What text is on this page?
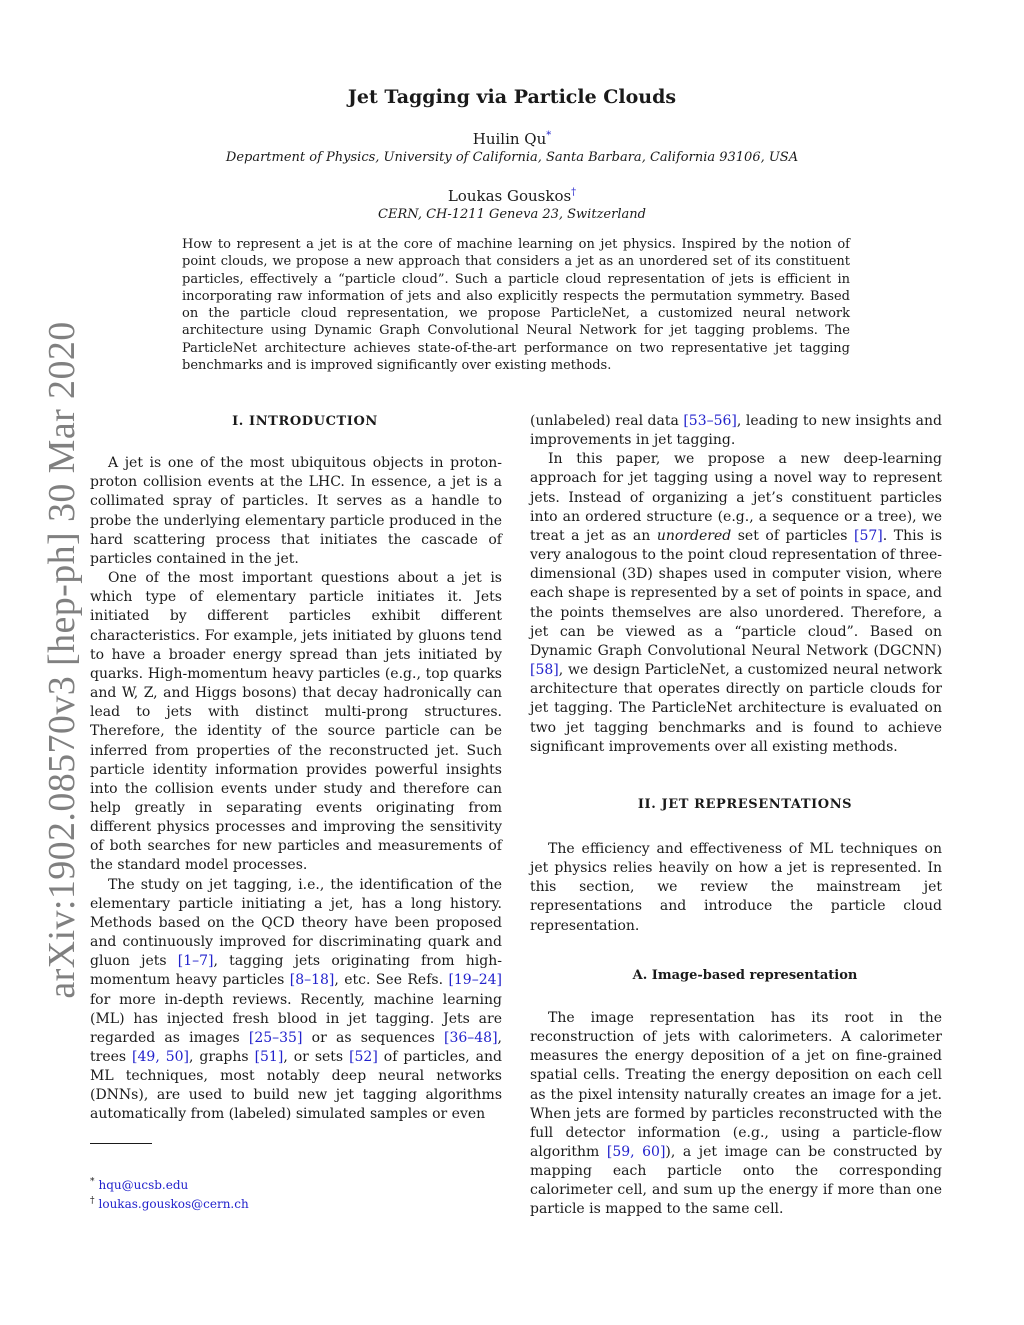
arXiv:1902.08570v3 [hep-ph] 30 Mar 2020
Jet Tagging via Particle Clouds
Huilin Qu*
Department of Physics, University of California, Santa Barbara, California 93106, USA
Loukas Gouskos†
CERN, CH-1211 Geneva 23, Switzerland

How to represent a jet is at the core of machine learning on jet physics. Inspired by the notion of point clouds, we propose a new approach that considers a jet as an unordered set of its constituent particles, effectively a “particle cloud”. Such a particle cloud representation of jets is efficient in incorporating raw information of jets and also explicitly respects the permutation symmetry. Based on the particle cloud representation, we propose ParticleNet, a customized neural network architecture using Dynamic Graph Convolutional Neural Network for jet tagging problems. The ParticleNet architecture achieves state-of-the-art performance on two representative jet tagging benchmarks and is improved significantly over existing methods.

I. INTRODUCTION

A jet is one of the most ubiquitous objects in proton-proton collision events at the LHC. In essence, a jet is a collimated spray of particles. It serves as a handle to probe the underlying elementary particle produced in the hard scattering process that initiates the cascade of particles contained in the jet.

One of the most important questions about a jet is which type of elementary particle initiates it. Jets initiated by different particles exhibit different characteristics. For example, jets initiated by gluons tend to have a broader energy spread than jets initiated by quarks. High-momentum heavy particles (e.g., top quarks and W, Z, and Higgs bosons) that decay hadronically can lead to jets with distinct multi-prong structures. Therefore, the identity of the source particle can be inferred from properties of the reconstructed jet. Such particle identity information provides powerful insights into the collision events under study and therefore can help greatly in separating events originating from different physics processes and improving the sensitivity of both searches for new particles and measurements of the standard model processes.

The study on jet tagging, i.e., the identification of the elementary particle initiating a jet, has a long history. Methods based on the QCD theory have been proposed and continuously improved for discriminating quark and gluon jets [1–7], tagging jets originating from high-momentum heavy particles [8–18], etc. See Refs. [19–24] for more in-depth reviews. Recently, machine learning (ML) has injected fresh blood in jet tagging. Jets are regarded as images [25–35] or as sequences [36–48], trees [49, 50], graphs [51], or sets [52] of particles, and ML techniques, most notably deep neural networks (DNNs), are used to build new jet tagging algorithms automatically from (labeled) simulated samples or even

(unlabeled) real data [53–56], leading to new insights and improvements in jet tagging.

In this paper, we propose a new deep-learning approach for jet tagging using a novel way to represent jets. Instead of organizing a jet’s constituent particles into an ordered structure (e.g., a sequence or a tree), we treat a jet as an unordered set of particles [57]. This is very analogous to the point cloud representation of three-dimensional (3D) shapes used in computer vision, where each shape is represented by a set of points in space, and the points themselves are also unordered. Therefore, a jet can be viewed as a “particle cloud”. Based on Dynamic Graph Convolutional Neural Network (DGCNN) [58], we design ParticleNet, a customized neural network architecture that operates directly on particle clouds for jet tagging. The ParticleNet architecture is evaluated on two jet tagging benchmarks and is found to achieve significant improvements over all existing methods.

II. JET REPRESENTATIONS

The efficiency and effectiveness of ML techniques on jet physics relies heavily on how a jet is represented. In this section, we review the mainstream jet representations and introduce the particle cloud representation.

A. Image-based representation

The image representation has its root in the reconstruction of jets with calorimeters. A calorimeter measures the energy deposition of a jet on fine-grained spatial cells. Treating the energy deposition on each cell as the pixel intensity naturally creates an image for a jet. When jets are formed by particles reconstructed with the full detector information (e.g., using a particle-flow algorithm [59, 60]), a jet image can be constructed by mapping each particle onto the corresponding calorimeter cell, and sum up the energy if more than one particle is mapped to the same cell.

* hqu@ucsb.edu
† loukas.gouskos@cern.ch
